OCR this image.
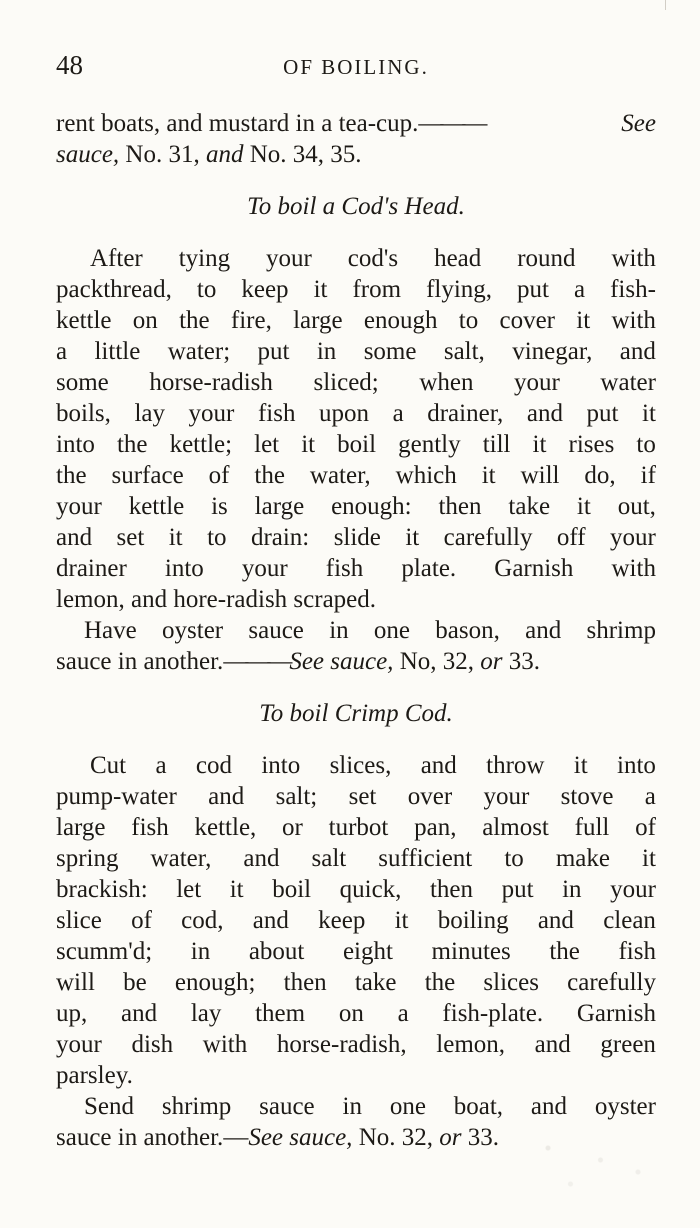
48	OF BOILING.
rent boats, and mustard in a tea-cup.———	See
sauce, No. 31, and No. 34, 35.
To boil a Cod's Head.
After tying your cod's head round with
packthread, to keep it from flying, put a fish-
kettle on the fire, large enough to cover it with
a little water; put in some salt, vinegar, and
some horse-radish sliced; when your water
boils, lay your fish upon a drainer, and put it
into the kettle; let it boil gently till it rises to
the surface of the water, which it will do, if
your kettle is large enough: then take it out,
and set it to drain: slide it carefully off your
drainer into your fish plate. Garnish with
lemon, and hore-radish scraped.
Have oyster sauce in one bason, and shrimp
sauce in another.———See sauce, No, 32, or 33.
To boil Crimp Cod.
Cut a cod into slices, and throw it into
pump-water and salt; set over your stove a
large fish kettle, or turbot pan, almost full of
spring water, and salt sufficient to make it
brackish: let it boil quick, then put in your
slice of cod, and keep it boiling and clean
scumm'd; in about eight minutes the fish
will be enough; then take the slices carefully
up, and lay them on a fish-plate. Garnish
your dish with horse-radish, lemon, and green
parsley.
Send shrimp sauce in one boat, and oyster
sauce in another.—See sauce, No. 32, or 33.
